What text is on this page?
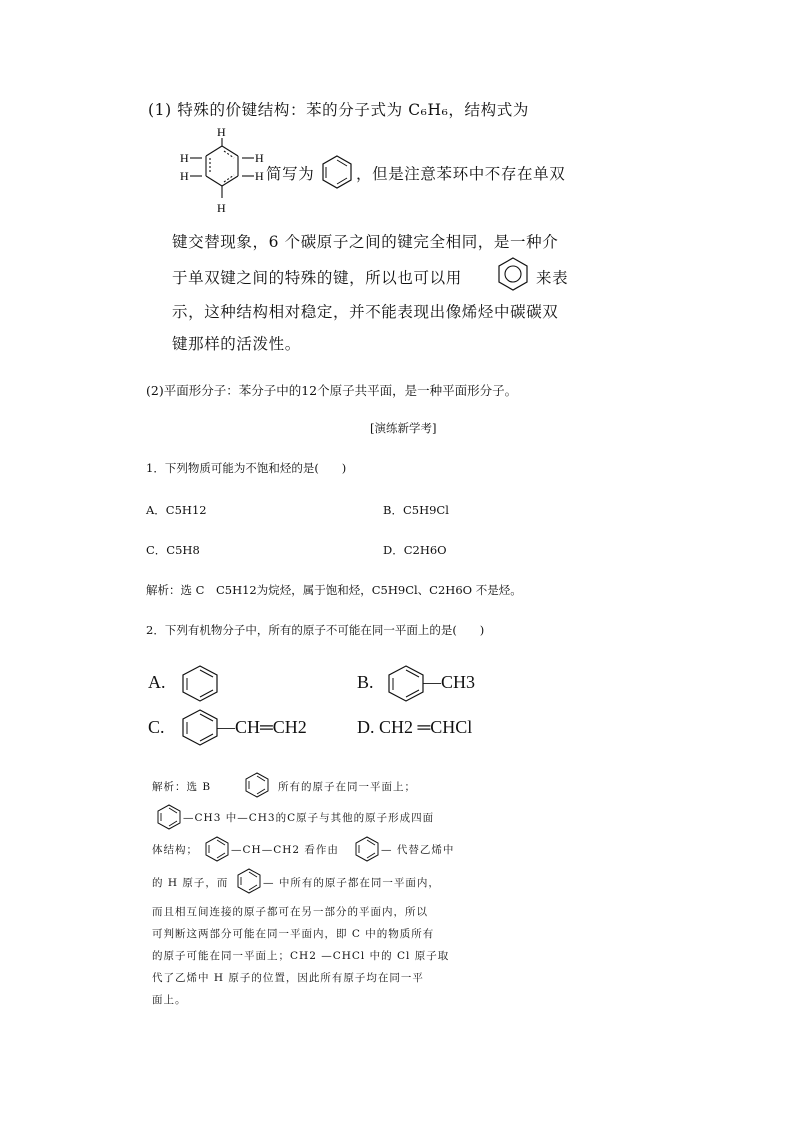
(1) 特殊的价键结构：苯的分子式为 C₆H₆，结构式为
H
H
H
H
H
H
简写为	，但是注意苯环中不存在单双
键交替现象，6 个碳原子之间的键完全相同，是一种介
于单双键之间的特殊的键，所以也可以用	来表
示，这种结构相对稳定，并不能表现出像烯烃中碳碳双
键那样的活泼性。
(2)平面形分子：苯分子中的12个原子共平面，是一种平面形分子。
[演练新学考]
1．下列物质可能为不饱和烃的是(　　)
A．C5H12	B．C5H9Cl
C．C5H8	D．C2H6O
解析：选 C　C5H12为烷烃，属于饱和烃，C5H9Cl、C2H6O 不是烃。
2．下列有机物分子中，所有的原子不可能在同一平面上的是(　　)
A.	B.	—CH3
C.	—CH═CH2	D. CH2 ═CHCl
解析：选 B	所有的原子在同一平面上；
—CH3 中—CH3的C原子与其他的原子形成四面
体结构；	—CH—CH2 看作由	— 代替乙烯中
的 H 原子，而	— 中所有的原子都在同一平面内，
而且相互间连接的原子都可在另一部分的平面内，所以
可判断这两部分可能在同一平面内，即 C 中的物质所有
的原子可能在同一平面上；CH2 —CHCl 中的 Cl 原子取
代了乙烯中 H 原子的位置，因此所有原子均在同一平
面上。
